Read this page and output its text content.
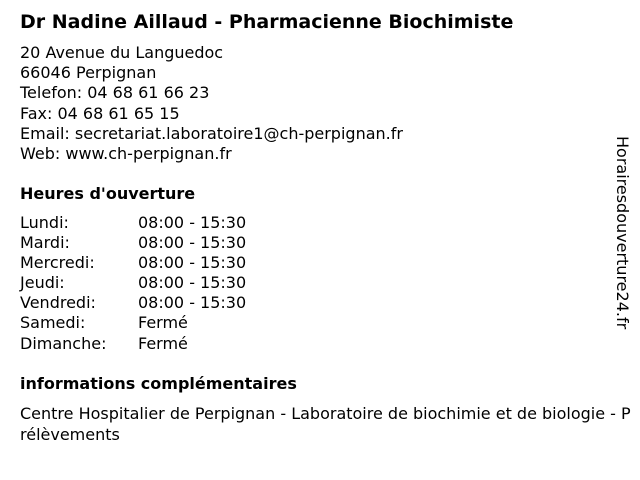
Dr Nadine Aillaud - Pharmacienne Biochimiste
20 Avenue du Languedoc
66046 Perpignan
Telefon: 04 68 61 66 23
Fax: 04 68 61 65 15
Email: secretariat.laboratoire1@ch-perpignan.fr
Web: www.ch-perpignan.fr
Heures d'ouverture
Lundi:	08:00 - 15:30
Mardi:	08:00 - 15:30
Mercredi:	08:00 - 15:30
Jeudi:	08:00 - 15:30
Vendredi:	08:00 - 15:30
Samedi:	Fermé
Dimanche:	Fermé
informations complémentaires
Centre Hospitalier de Perpignan - Laboratoire de biochimie et de biologie - Prélèvements
Horairesdouverture24.fr
